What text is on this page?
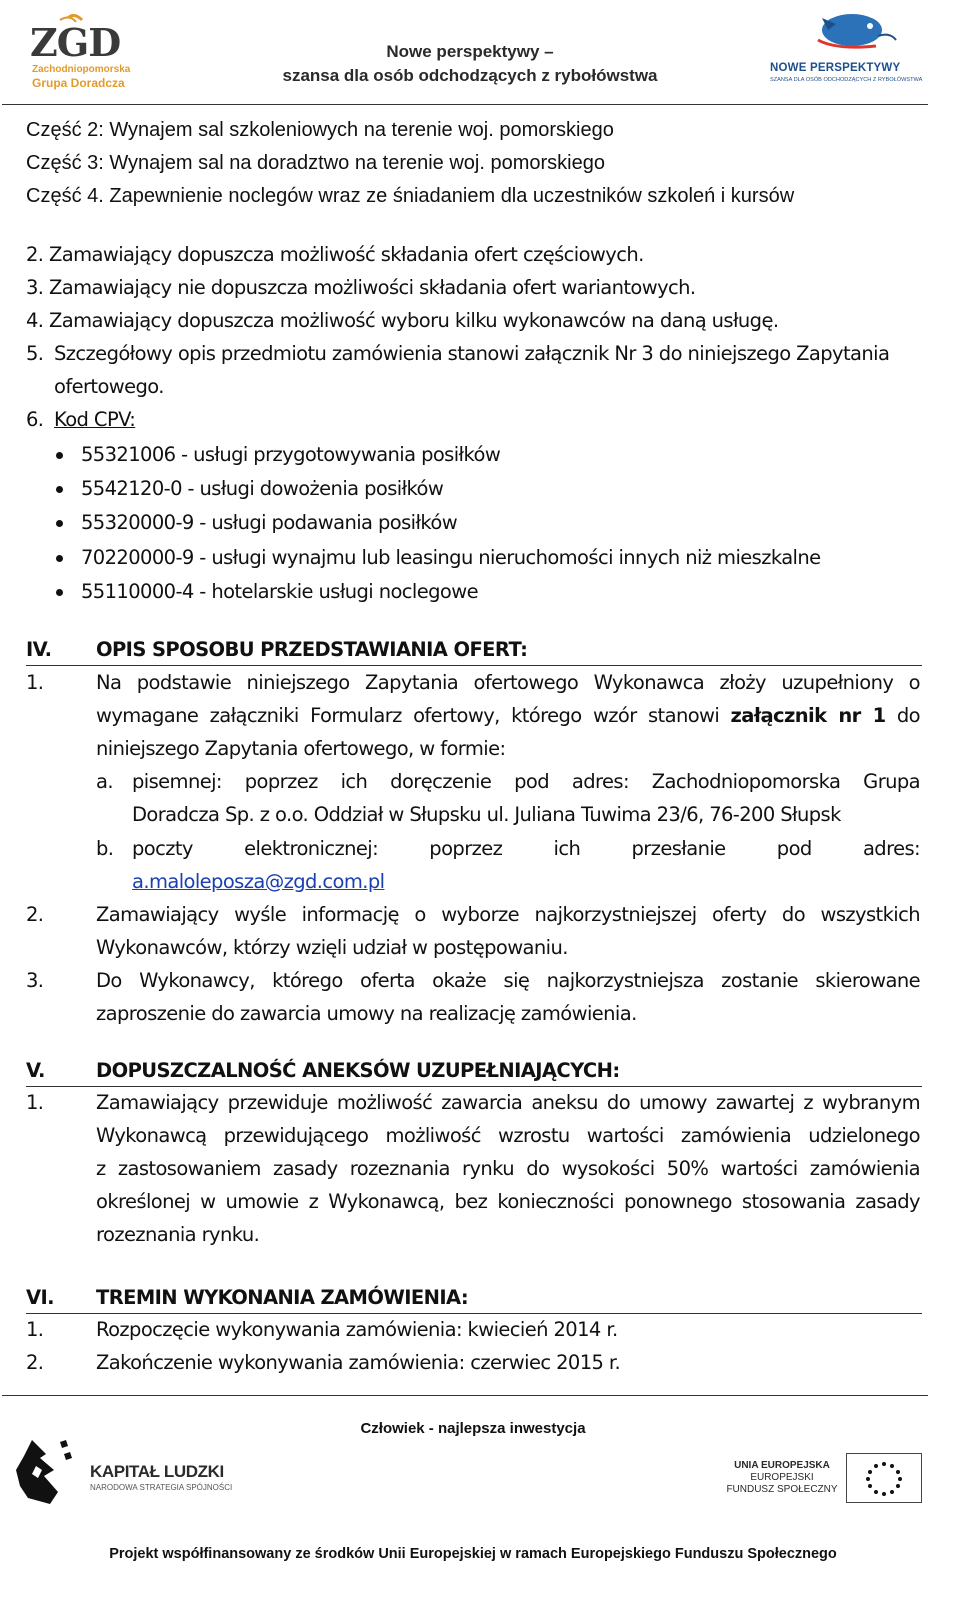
ZGD
Zachodniopomorska
Grupa Doradcza
Nowe perspektywy –
szansa dla osób odchodzących z rybołówstwa	NOWE PERSPEKTYWY
SZANSA DLA OSÓB ODCHODZĄCYCH Z RYBOŁÓWSTWA
Część 2: Wynajem sal szkoleniowych na terenie woj. pomorskiego
Część 3: Wynajem sal na doradztwo na terenie woj. pomorskiego
Część 4. Zapewnienie noclegów wraz ze śniadaniem dla uczestników szkoleń i kursów
2. Zamawiający dopuszcza możliwość składania ofert częściowych.
3. Zamawiający nie dopuszcza możliwości składania ofert wariantowych.
4. Zamawiający dopuszcza możliwość wyboru kilku wykonawców na daną usługę.
5. Szczegółowy opis przedmiotu zamówienia stanowi załącznik Nr 3 do niniejszego Zapytania
ofertowego.
6. Kod CPV:
55321006 - usługi przygotowywania posiłków
5542120-0 - usługi dowożenia posiłków
55320000-9 - usługi podawania posiłków
70220000-9 - usługi wynajmu lub leasingu nieruchomości innych niż mieszkalne
55110000-4 - hotelarskie usługi noclegowe
IV. OPIS SPOSOBU PRZEDSTAWIANIA OFERT:
1.	Na podstawie niniejszego Zapytania ofertowego Wykonawca złoży uzupełniony o
wymagane załączniki Formularz ofertowy, którego wzór stanowi załącznik nr 1 do
niniejszego Zapytania ofertowego, w formie:
a. pisemnej: poprzez ich doręczenie pod adres: Zachodniopomorska Grupa
Doradcza Sp. z o.o. Oddział w Słupsku ul. Juliana Tuwima 23/6, 76-200 Słupsk
b. poczty elektronicznej: poprzez ich przesłanie pod adres:
a.maloleposza@zgd.com.pl
2.	Zamawiający wyśle informację o wyborze najkorzystniejszej oferty do wszystkich
Wykonawców, którzy wzięli udział w postępowaniu.
3.	Do Wykonawcy, którego oferta okaże się najkorzystniejsza zostanie skierowane
zaproszenie do zawarcia umowy na realizację zamówienia.
V.	DOPUSZCZALNOŚĆ ANEKSÓW UZUPEŁNIAJĄCYCH:
1.	Zamawiający przewiduje możliwość zawarcia aneksu do umowy zawartej z wybranym
Wykonawcą przewidującego możliwość wzrostu wartości zamówienia udzielonego
z zastosowaniem zasady rozeznania rynku do wysokości 50% wartości zamówienia
określonej w umowie z Wykonawcą, bez konieczności ponownego stosowania zasady
rozeznania rynku.
VI. TREMIN WYKONANIA ZAMÓWIENIA:
1.	Rozpoczęcie wykonywania zamówienia: kwiecień 2014 r.
2.	Zakończenie wykonywania zamówienia: czerwiec 2015 r.
Człowiek - najlepsza inwestycja
KAPITAŁ LUDZKI
NARODOWA STRATEGIA SPÓJNOŚCI
UNIA EUROPEJSKA
EUROPEJSKI
FUNDUSZ SPOŁECZNY
Projekt współfinansowany ze środków Unii Europejskiej w ramach Europejskiego Funduszu Społecznego
